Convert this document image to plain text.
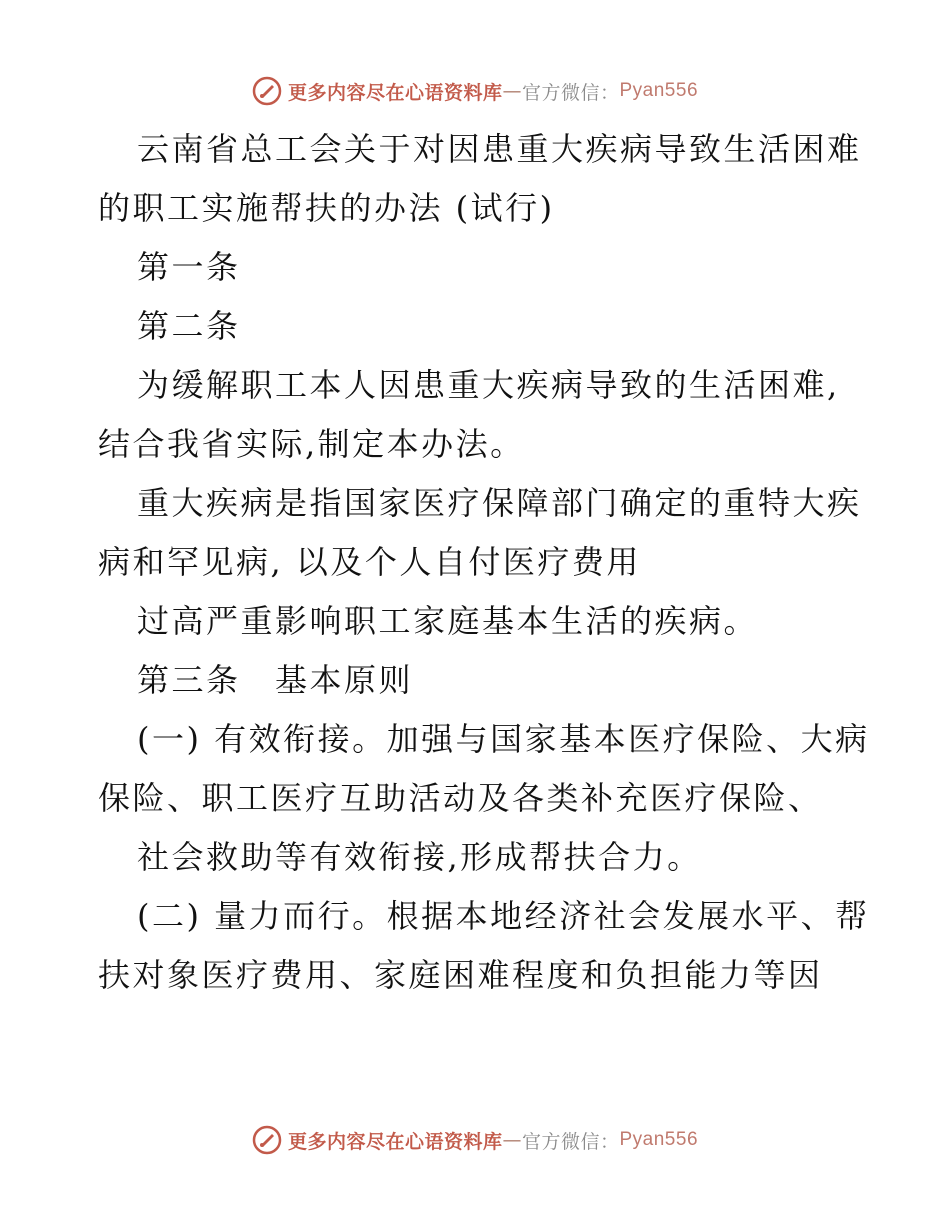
更多内容尽在心语资料库 — 官方微信： Pyan556
云南省总工会关于对因患重大疾病导致生活困难
的职工实施帮扶的办法 (试行)
第一条
第二条
为缓解职工本人因患重大疾病导致的生活困难,
结合我省实际,制定本办法。
重大疾病是指国家医疗保障部门确定的重特大疾
病和罕见病, 以及个人自付医疗费用
过高严重影响职工家庭基本生活的疾病。
第三条　基本原则
(一) 有效衔接。加强与国家基本医疗保险、大病
保险、职工医疗互助活动及各类补充医疗保险、
社会救助等有效衔接,形成帮扶合力。
(二) 量力而行。根据本地经济社会发展水平、帮
扶对象医疗费用、家庭困难程度和负担能力等因
更多内容尽在心语资料库 — 官方微信： Pyan556
